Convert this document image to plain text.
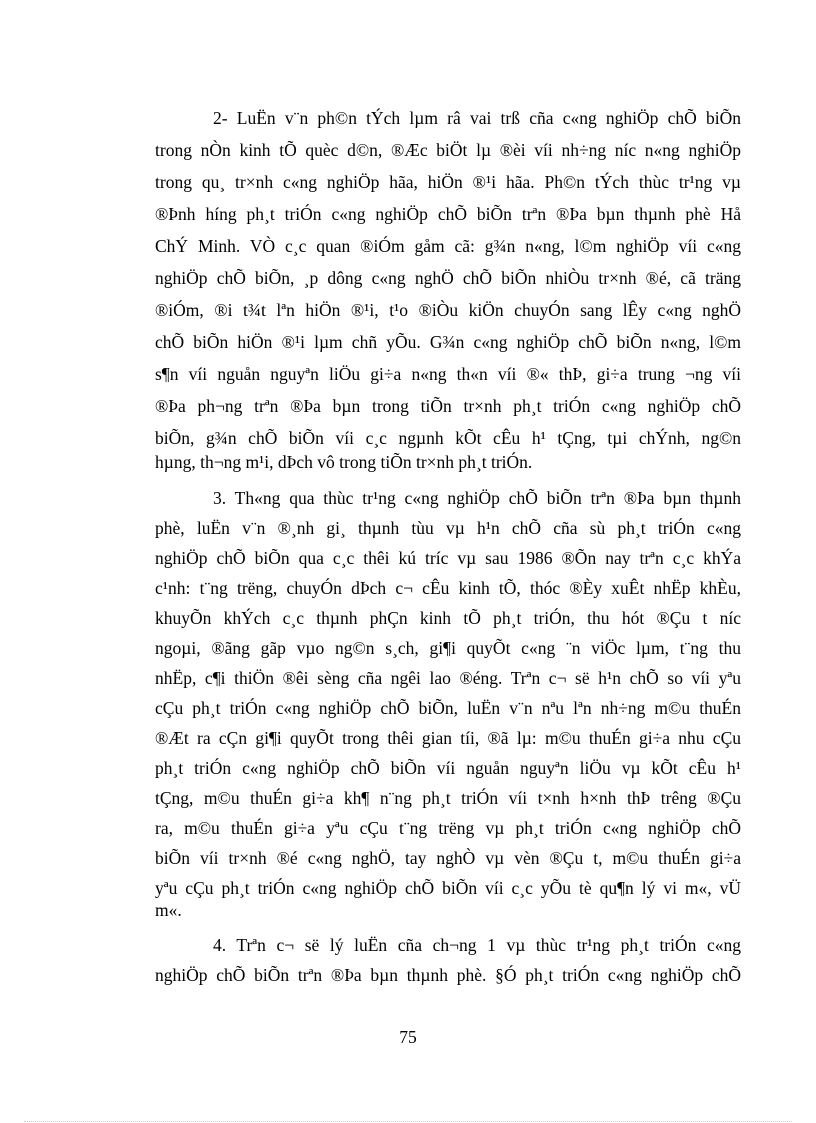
2- LuËn v¨n ph©n tÝch lµm râ vai trß cña c«ng nghiÖp chÕ biÕn
trong nÒn kinh tÕ quèc d©n, ®Æc biÖt lµ ®èi víi nh÷ng níc n«ng nghiÖp
trong qu¸ tr×nh c«ng nghiÖp hãa, hiÖn ®¹i hãa. Ph©n tÝch thùc tr¹ng vµ
®Þnh híng ph¸t triÓn c«ng nghiÖp chÕ biÕn trªn ®Þa bµn thµnh phè Hå
ChÝ Minh. VÒ c¸c quan ®iÓm gåm cã: g¾n n«ng, l©m nghiÖp víi c«ng
nghiÖp chÕ biÕn, ¸p dông c«ng nghÖ chÕ biÕn nhiÒu tr×nh ®é, cã träng
®iÓm, ®i t¾t lªn hiÖn ®¹i, t¹o ®iÒu kiÖn chuyÓn sang lÊy c«ng nghÖ
chÕ biÕn hiÖn ®¹i lµm chñ yÕu. G¾n c«ng nghiÖp chÕ biÕn n«ng, l©m
s¶n víi nguån nguyªn liÖu gi÷a n«ng th«n víi ®« thÞ, gi÷a trung ¬ng víi
®Þa ph¬ng trªn ®Þa bµn trong tiÕn tr×nh ph¸t triÓn c«ng nghiÖp chÕ
biÕn, g¾n chÕ biÕn víi c¸c ngµnh kÕt cÊu h¹ tÇng, tµi chÝnh, ng©n
hµng, th¬ng m¹i, dÞch vô trong tiÕn tr×nh ph¸t triÓn.
3. Th«ng qua thùc tr¹ng c«ng nghiÖp chÕ biÕn trªn ®Þa bµn thµnh
phè, luËn v¨n ®¸nh gi¸ thµnh tùu vµ h¹n chÕ cña sù ph¸t triÓn c«ng
nghiÖp chÕ biÕn qua c¸c thêi kú tríc vµ sau 1986 ®Õn nay trªn c¸c khÝa
c¹nh: t¨ng trëng, chuyÓn dÞch c¬ cÊu kinh tÕ, thóc ®Èy xuÊt nhËp khÈu,
khuyÕn khÝch c¸c thµnh phÇn kinh tÕ ph¸t triÓn, thu hót ®Çu t níc
ngoµi, ®ãng gãp vµo ng©n s¸ch, gi¶i quyÕt c«ng ¨n viÖc lµm, t¨ng thu
nhËp, c¶i thiÖn ®êi sèng cña ngêi lao ®éng. Trªn c¬ së h¹n chÕ so víi yªu
cÇu ph¸t triÓn c«ng nghiÖp chÕ biÕn, luËn v¨n nªu lªn nh÷ng m©u thuÉn
®Æt ra cÇn gi¶i quyÕt trong thêi gian tíi, ®ã lµ: m©u thuÉn gi÷a nhu cÇu
ph¸t triÓn c«ng nghiÖp chÕ biÕn víi nguån nguyªn liÖu vµ kÕt cÊu h¹
tÇng, m©u thuÉn gi÷a kh¶ n¨ng ph¸t triÓn víi t×nh h×nh thÞ trêng ®Çu
ra, m©u thuÉn gi÷a yªu cÇu t¨ng trëng vµ ph¸t triÓn c«ng nghiÖp chÕ
biÕn víi tr×nh ®é c«ng nghÖ, tay nghÒ vµ vèn ®Çu t, m©u thuÉn gi÷a
yªu cÇu ph¸t triÓn c«ng nghiÖp chÕ biÕn víi c¸c yÕu tè qu¶n lý vi m«, vÜ
m«.
4. Trªn c¬ së lý luËn cña ch¬ng 1 vµ thùc tr¹ng ph¸t triÓn c«ng
nghiÖp chÕ biÕn trªn ®Þa bµn thµnh phè. §Ó ph¸t triÓn c«ng nghiÖp chÕ
75
